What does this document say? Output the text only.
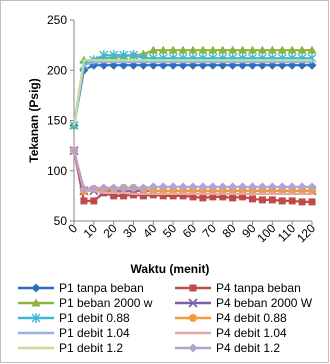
50
100
150
200
250
0 10 20 30 40 50 60 70 80 90
100
110
120
Tekanan (Psig)
Waktu (menit)
P1 tanpa beban	P4 tanpa beban
P1 beban 2000 w	P4 beban 2000 W
P1 debit 0.88	P4 debit 0.88
P1 debit 1.04	P4 debit 1.04
P1 debit 1.2	P4 debit 1.2
